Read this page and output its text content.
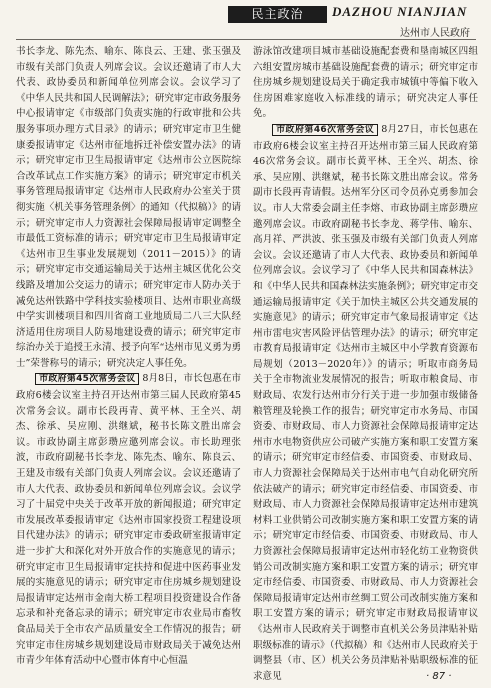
民主政治	DAZHOU NIANJIAN
达州市人民政府

书长李龙、陈先杰、喻东、陈良云、王建、张玉强及市级有关部门负责人列席会议。会议还邀请了市人大代表、政协委员和新闻单位列席会议。会议学习了《中华人民共和国人民调解法》；研究审定市政务服务中心报请审定《市级部门负责实施的行政审批和公共服务事项办理方式目录》的请示；研究审定市卫生健康委报请审定《达州市征地拆迁补偿安置办法》的请示；研究审定市卫生局报请审定《达州市公立医院综合改革试点工作实施方案》的请示；研究审定市机关事务管理局报请审定《达州市人民政府办公室关于贯彻实施〈机关事务管理条例〉的通知（代拟稿）》的请示；研究审定市人力资源社会保障局报请审定调整全市最低工资标准的请示；研究审定市卫生局报请审定《达州市卫生事业发展规划（2011－2015）》的请示；研究审定市交通运输局关于达州主城区优化公交线路及增加公交运力的请示；研究审定市人防办关于减免达州铁路中学科技实验楼项目、达州市职业高级中学实训楼项目和四川省商工业地质局二八三大队经济适用住房项目人防易地建设费的请示；研究审定市综治办关于追授王永清、授予向军“达州市见义勇为勇士”荣誉称号的请示；研究决定人事任免。

市政府第45次常务会议 8月8日，市长包惠在市政府6楼会议室主持召开达州市第三届人民政府第45次常务会议。副市长段再青、黄平林、王全兴、胡杰、徐承、吴应刚、洪继斌，秘书长陈文胜出席会议。市政协副主席彭瓒应邀列席会议。市长助理张波，市政府副秘书长李龙、陈先杰、喻东、陈良云、王建及市级有关部门负责人列席会议。会议还邀请了市人大代表、政协委员和新闻单位列席会议。会议学习了十届党中央关于改革开放的新闻报道；研究审定市发展改革委报请审定《达州市国家投资工程建设项目代建办法》的请示；研究审定市委政研室报请审定进一步扩大和深化对外开放合作的实施意见的请示；研究审定市卫生局报请审定扶持和促进中医药事业发展的实施意见的请示；研究审定市住房城乡规划建设局报请审定达州市金南大桥工程项目投资建设合作备忘录和补充备忘录的请示；研究审定市农业局市畜牧食品局关于全市农产品质量安全工作情况的报告；研究审定市住房城乡规划建设局市财政局关于减免达州市青少年体育活动中心暨市体育中心恒温

游泳馆改建项目城市基础设施配套费和垦南城区四组六组安置房城市基础设施配套费的请示；研究审定市住房城乡规划建设局关于确定我市城镇中等偏下收入住房困难家庭收入标准线的请示；研究决定人事任免。

市政府第46次常务会议 8月27日，市长包惠在市政府6楼会议室主持召开达州市第三届人民政府第46次常务会议。副市长黄平林、王全兴、胡杰、徐承、吴应刚、洪继斌，秘书长陈文胜出席会议。常务副市长段再青请假。达州军分区司令员孙克勇参加会议。市人大常委会副主任李熔、市政协副主席彭瓒应邀列席会议。市政府副秘书长李龙、蒋学伟、喻东、高月祥、严洪波、张玉强及市级有关部门负责人列席会议。会议还邀请了市人大代表、政协委员和新闻单位列席会议。会议学习了《中华人民共和国森林法》和《中华人民共和国森林法实施条例》；研究审定市交通运输局报请审定《关于加快主城区公共交通发展的实施意见》的请示；研究审定市气象局报请审定《达州市雷电灾害风险评估管理办法》的请示；研究审定市教育局报请审定《达州市主城区中小学教育资源布局规划（2013－2020年）》的请示；听取市商务局关于全市物流业发展情况的报告；听取市粮食局、市财政局、农发行达州市分行关于进一步加强市级储备粮管理及轮换工作的报告；研究审定市水务局、市国资委、市财政局、市人力资源社会保障局报请审定达州市水电物资供应公司破产实施方案和职工安置方案的请示；研究审定市经信委、市国资委、市财政局、市人力资源社会保障局关于达州市电气自动化研究所依法破产的请示；研究审定市经信委、市国资委、市财政局、市人力资源社会保障局报请审定达州市建筑材料工业供销公司改制实施方案和职工安置方案的请示；研究审定市经信委、市国资委、市财政局、市人力资源社会保障局报请审定达州市轻化纺工业物资供销公司改制实施方案和职工安置方案的请示；研究审定市经信委、市国资委、市财政局、市人力资源社会保障局报请审定达州市丝绸工贸公司改制实施方案和职工安置方案的请示；研究审定市财政局报请审议《达州市人民政府关于调整市直机关公务员津贴补贴职级标准的请示》（代拟稿）和《达州市人民政府关于调整县（市、区）机关公务员津贴补贴职级标准的征求意见	· 87 ·
